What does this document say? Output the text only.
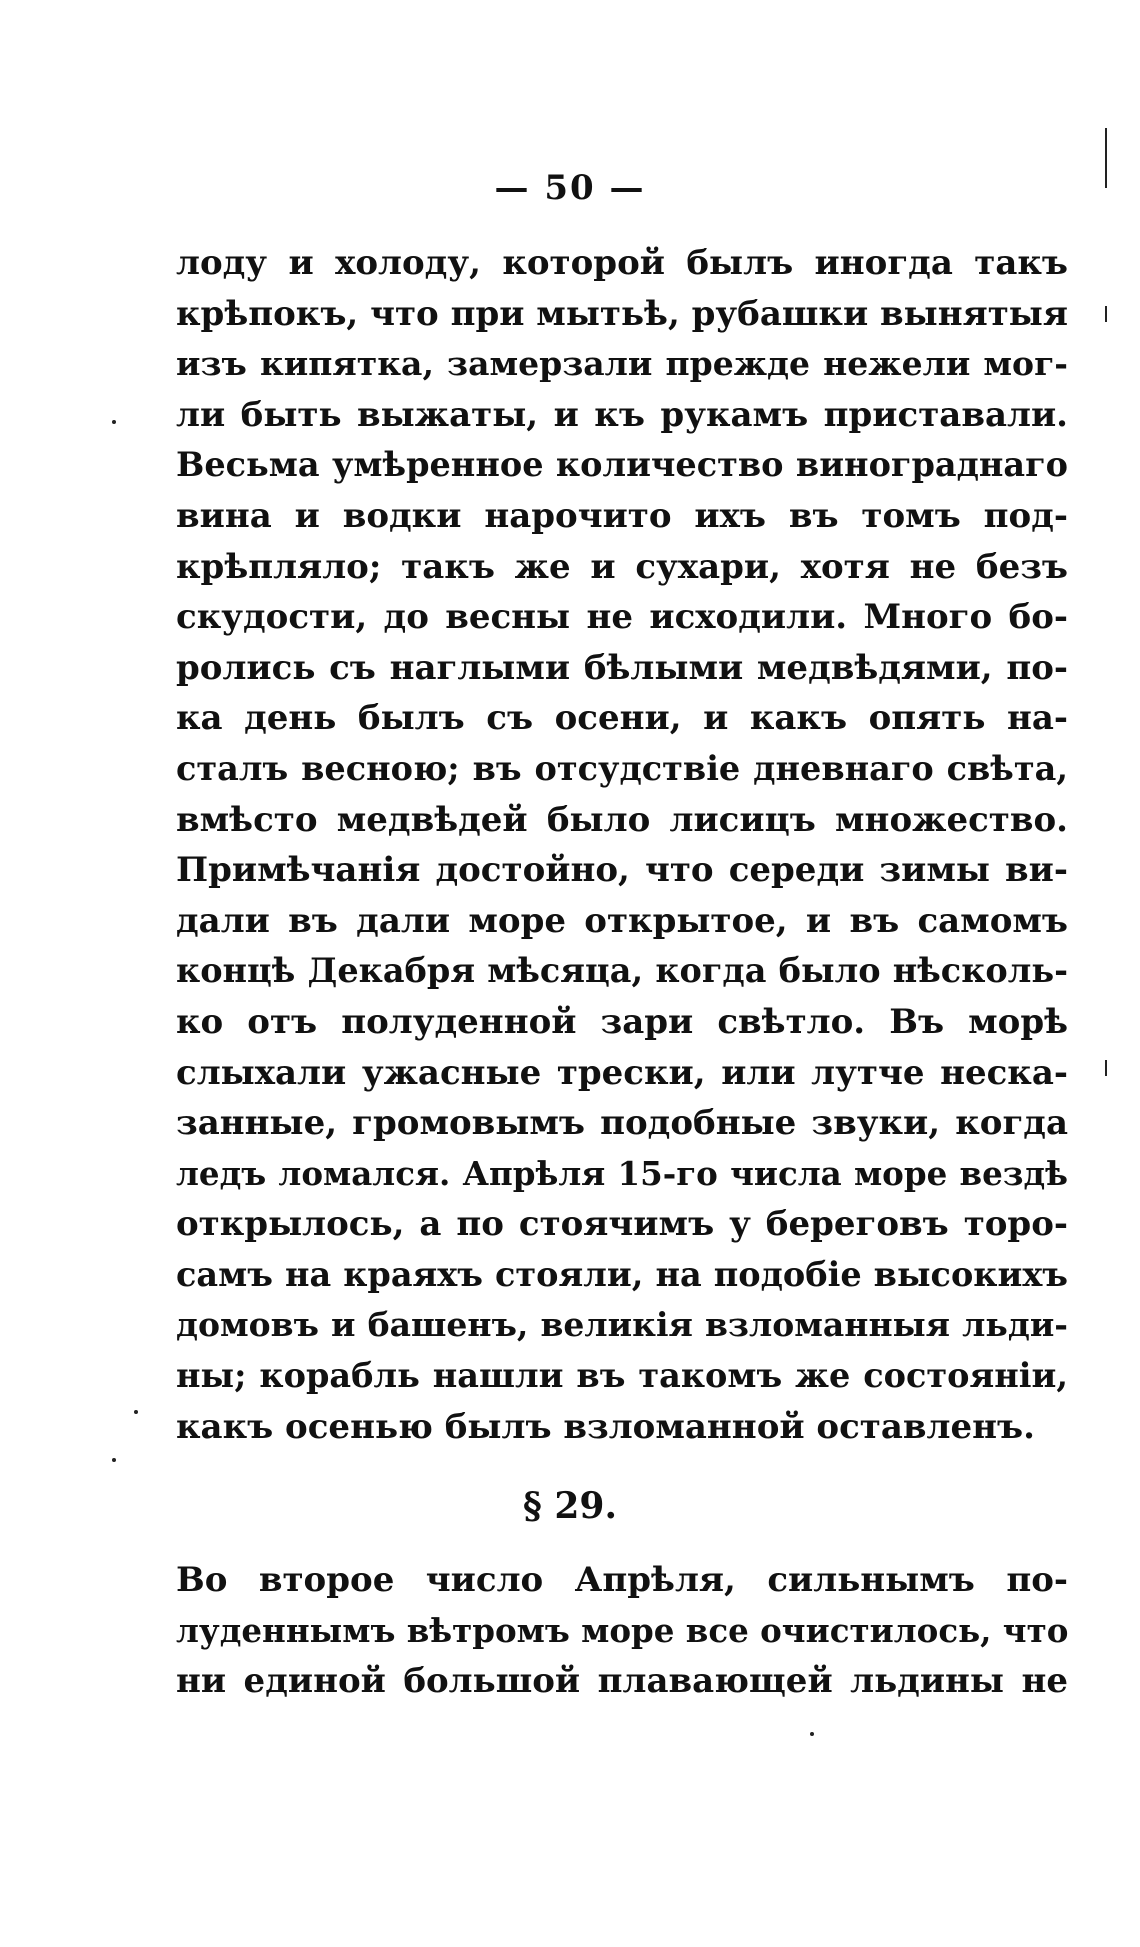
— 50 —
лоду и холоду, которой былъ иногда такъ
крѣпокъ, что при мытьѣ, рубашки вынятыя
изъ кипятка, замерзали прежде нежели мог-
ли быть выжаты, и къ рукамъ приставали.
Весьма умѣренное количество винограднаго
вина и водки нарочито ихъ въ томъ под-
крѣпляло; такъ же и сухари, хотя не безъ
скудости, до весны не исходили. Много бо-
ролись съ наглыми бѣлыми медвѣдями, по-
ка день былъ съ осени, и какъ опять на-
сталъ весною; въ отсудствіе дневнаго свѣта,
вмѣсто медвѣдей было лисицъ множество.
Примѣчанія достойно, что середи зимы ви-
дали въ дали море открытое, и въ самомъ
концѣ Декабря мѣсяца, когда было нѣсколь-
ко отъ полуденной зари свѣтло. Въ морѣ
слыхали ужасные трески, или лутче неска-
занные, громовымъ подобные звуки, когда
ледъ ломался. Апрѣля 15-го числа море вездѣ
открылось, а по стоячимъ у береговъ торо-
самъ на краяхъ стояли, на подобіе высокихъ
домовъ и башенъ, великія взломанныя льди-
ны; корабль нашли въ такомъ же состояніи,
какъ осенью былъ взломанной оставленъ.
§ 29.
Во второе число Апрѣля, сильнымъ по-
луденнымъ вѣтромъ море все очистилось, что
ни единой большой плавающей льдины не
